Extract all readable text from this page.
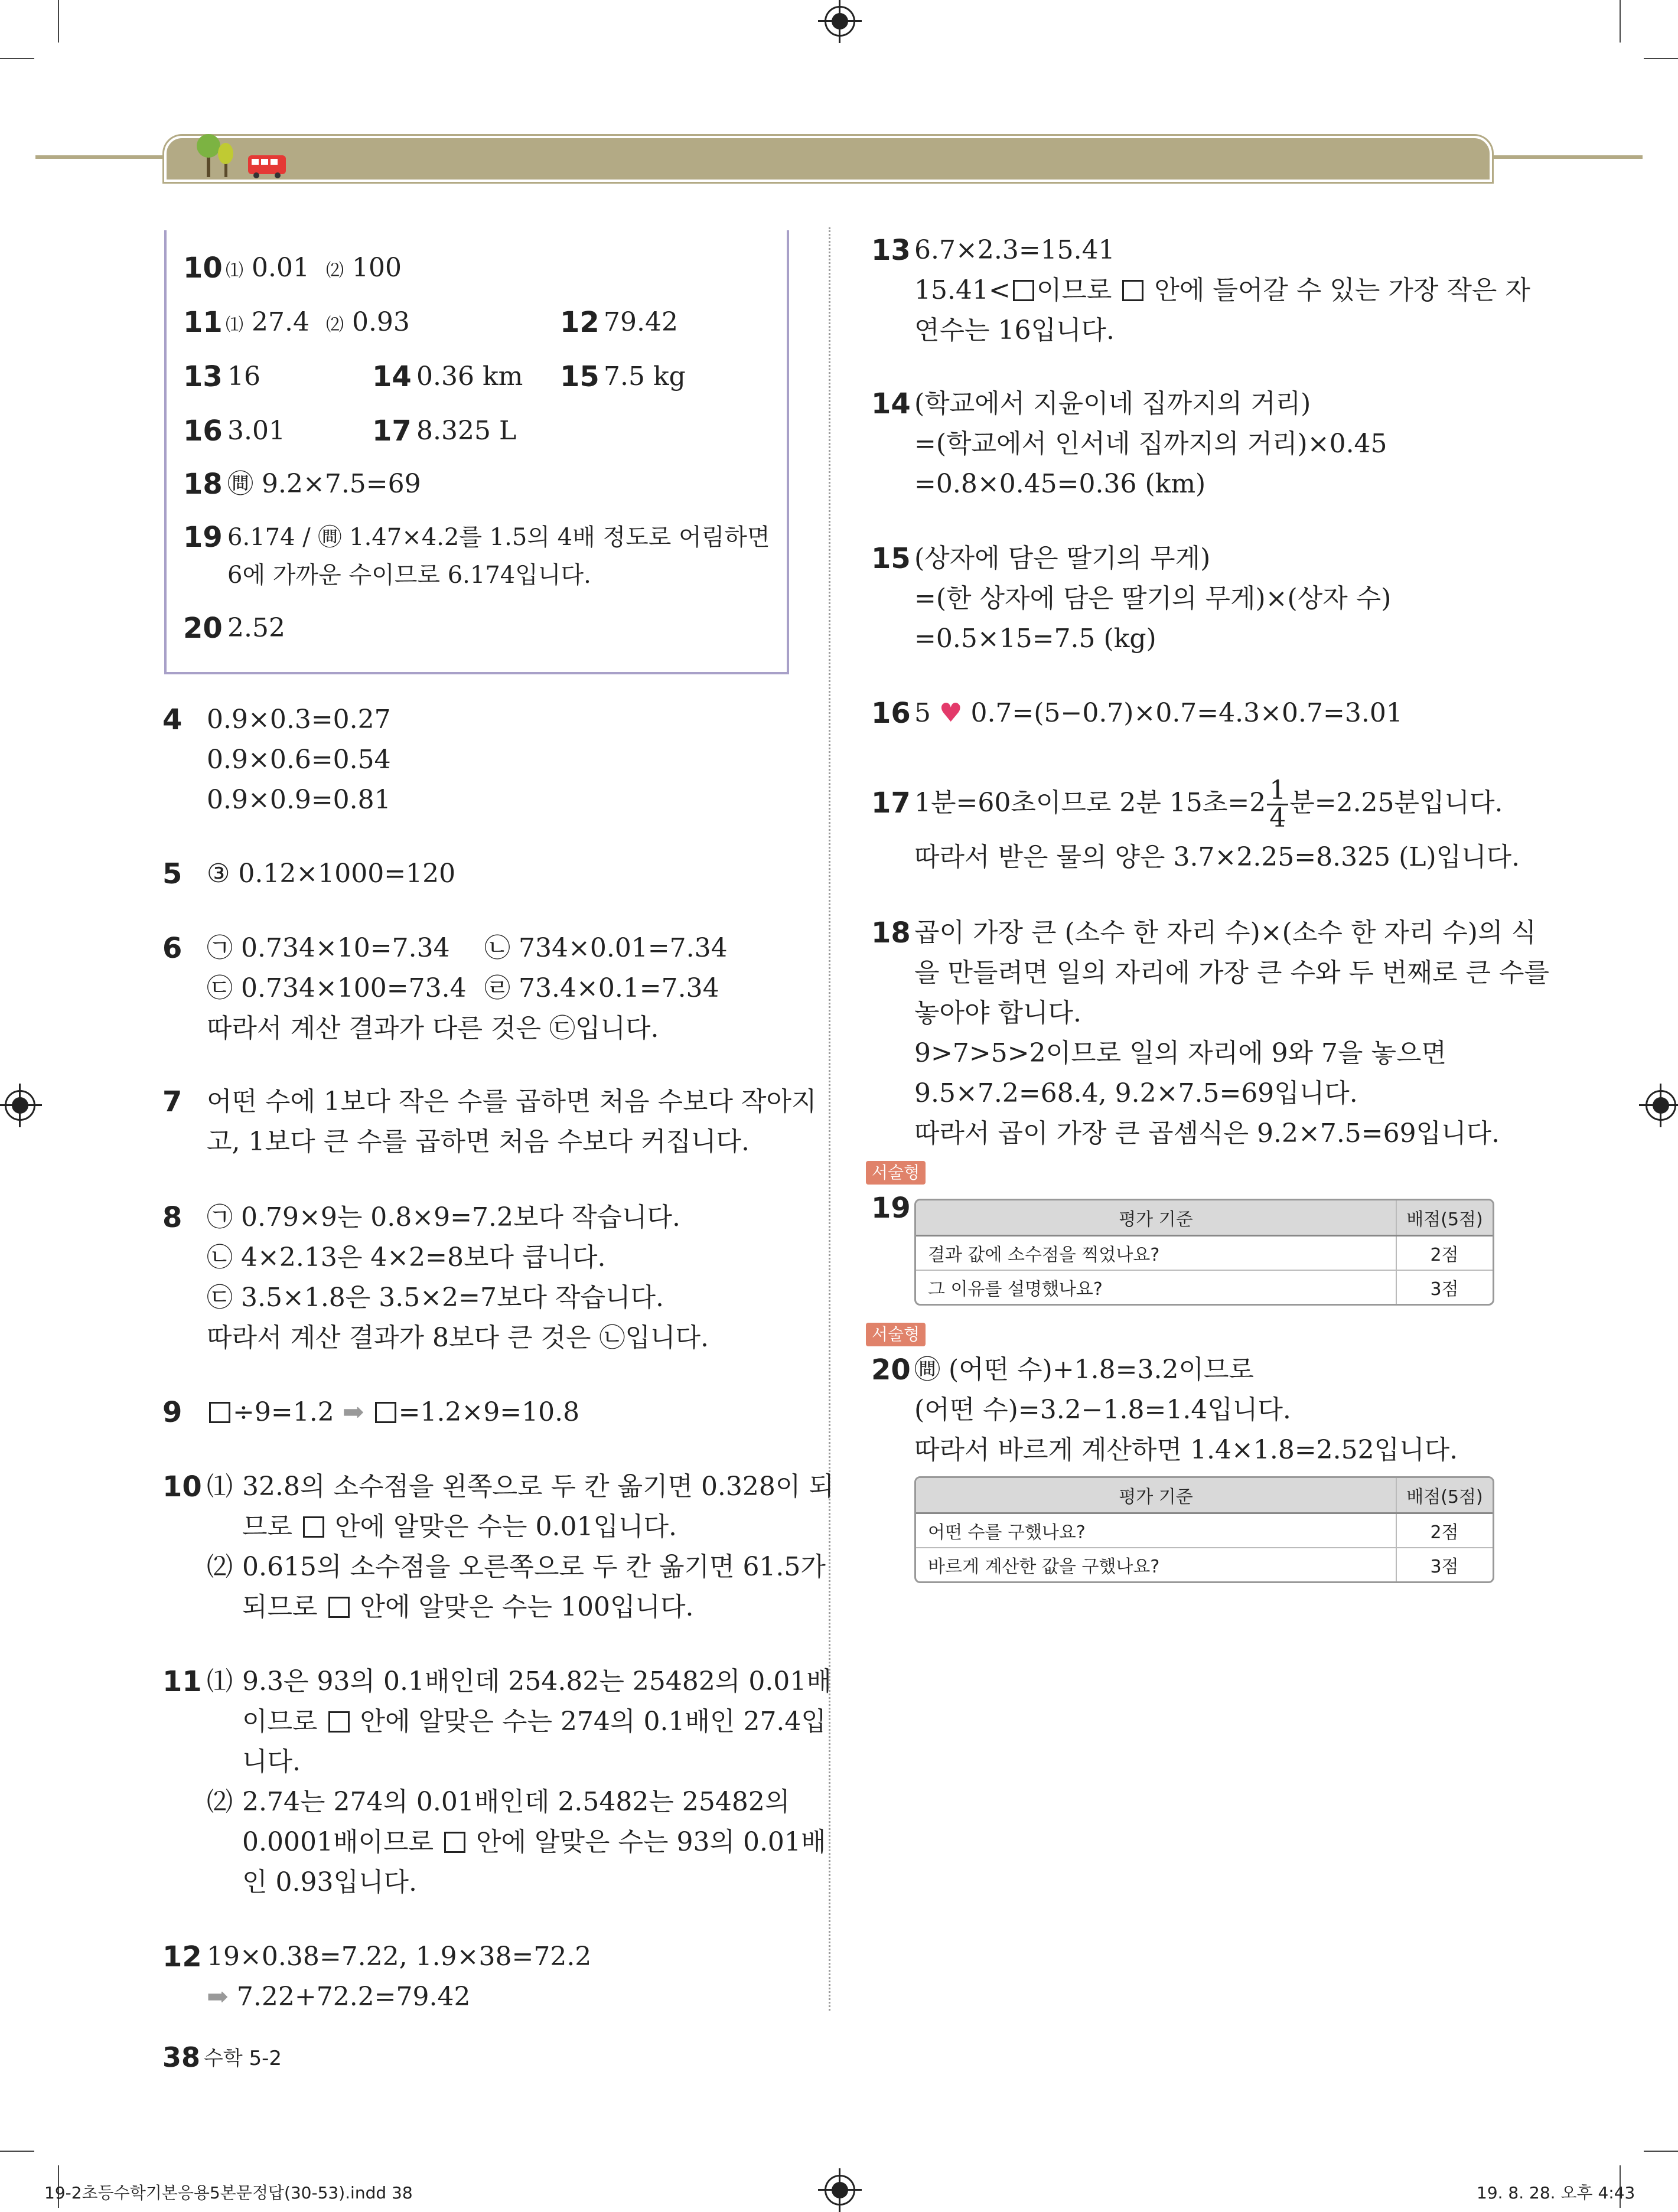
10 ⑴ 0.01 ⑵ 100
11 ⑴ 27.4 ⑵ 0.93	12 79.42
13 16	14 0.36 km 15 7.5 kg
16 3.01	17 8.325 L
18 ㉄ 9.2×7.5=69
19 6.174 / ㉄ 1.47×4.2를 1.5의 4배 정도로 어림하면
6에 가까운 수이므로 6.174입니다.
20 2.52
4 0.9×0.3=0.27
0.9×0.6=0.54
0.9×0.9=0.81
5 ③ 0.12×1000=120
6 ㉠ 0.734×10=7.34 ㉡ 734×0.01=7.34
㉢ 0.734×100=73.4 ㉣ 73.4×0.1=7.34
따라서 계산 결과가 다른 것은 ㉢입니다.
7 어떤 수에 1보다 작은 수를 곱하면 처음 수보다 작아지
고, 1보다 큰 수를 곱하면 처음 수보다 커집니다.
8 ㉠ 0.79×9는 0.8×9=7.2보다 작습니다.
㉡ 4×2.13은 4×2=8보다 큽니다.
㉢ 3.5×1.8은 3.5×2=7보다 작습니다.
따라서 계산 결과가 8보다 큰 것은 ㉡입니다.
9	÷9=1.2 ➡ =1.2×9=10.8
10 ⑴ 32.8의 소수점을 왼쪽으로 두 칸 옮기면 0.328이 되
므로 안에 알맞은 수는 0.01입니다.
⑵ 0.615의 소수점을 오른쪽으로 두 칸 옮기면 61.5가
되므로 안에 알맞은 수는 100입니다.
11 ⑴ 9.3은 93의 0.1배인데 254.82는 25482의 0.01배
이므로 안에 알맞은 수는 274의 0.1배인 27.4입
니다.
⑵ 2.74는 274의 0.01배인데 2.5482는 25482의
0.0001배이므로 안에 알맞은 수는 93의 0.01배
인 0.93입니다.
12 19×0.38=7.22, 1.9×38=72.2
➡ 7.22+72.2=79.42
38 수학 5-2
13 6.7×2.3=15.41
15.41< 이므로 안에 들어갈 수 있는 가장 작은 자
연수는 16입니다.
14 (학교에서 지윤이네 집까지의 거리)
=(학교에서 인서네 집까지의 거리)×0.45
=0.8×0.45=0.36 (km)
15 (상자에 담은 딸기의 무게)
=(한 상자에 담은 딸기의 무게)×(상자 수)
=0.5×15=7.5 (kg)
16 5 ♥ 0.7=(5−0.7)×0.7=4.3×0.7=3.01
17 1분=60초이므로 2분 15초$=2 \frac{1}{4}$ 분=2.25분입니다.
따라서 받은 물의 양은 3.7×2.25=8.325 (L)입니다.
18 곱이 가장 큰 (소수 한 자리 수)×(소수 한 자리 수)의 식
을 만들려면 일의 자리에 가장 큰 수와 두 번째로 큰 수를
놓아야 합니다.
9>7>5>2이므로 일의 자리에 9와 7을 놓으면
9.5×7.2=68.4, 9.2×7.5=69입니다.
따라서 곱이 가장 큰 곱셈식은 9.2×7.5=69입니다.
서술형
19	평가 기준	배점(5점)
결과 값에 소수점을 찍었나요?	2점
그 이유를 설명했나요?	3점
서술형
20 ㉄ (어떤 수)+1.8=3.2이므로
(어떤 수)=3.2−1.8=1.4입니다.
따라서 바르게 계산하면 1.4×1.8=2.52입니다.
평가 기준	배점(5점)
어떤 수를 구했나요?	2점
바르게 계산한 값을 구했나요?	3점
19-2초등수학기본응용5본문정답(30-53).indd 38	19. 8. 28. 오후 4:43
